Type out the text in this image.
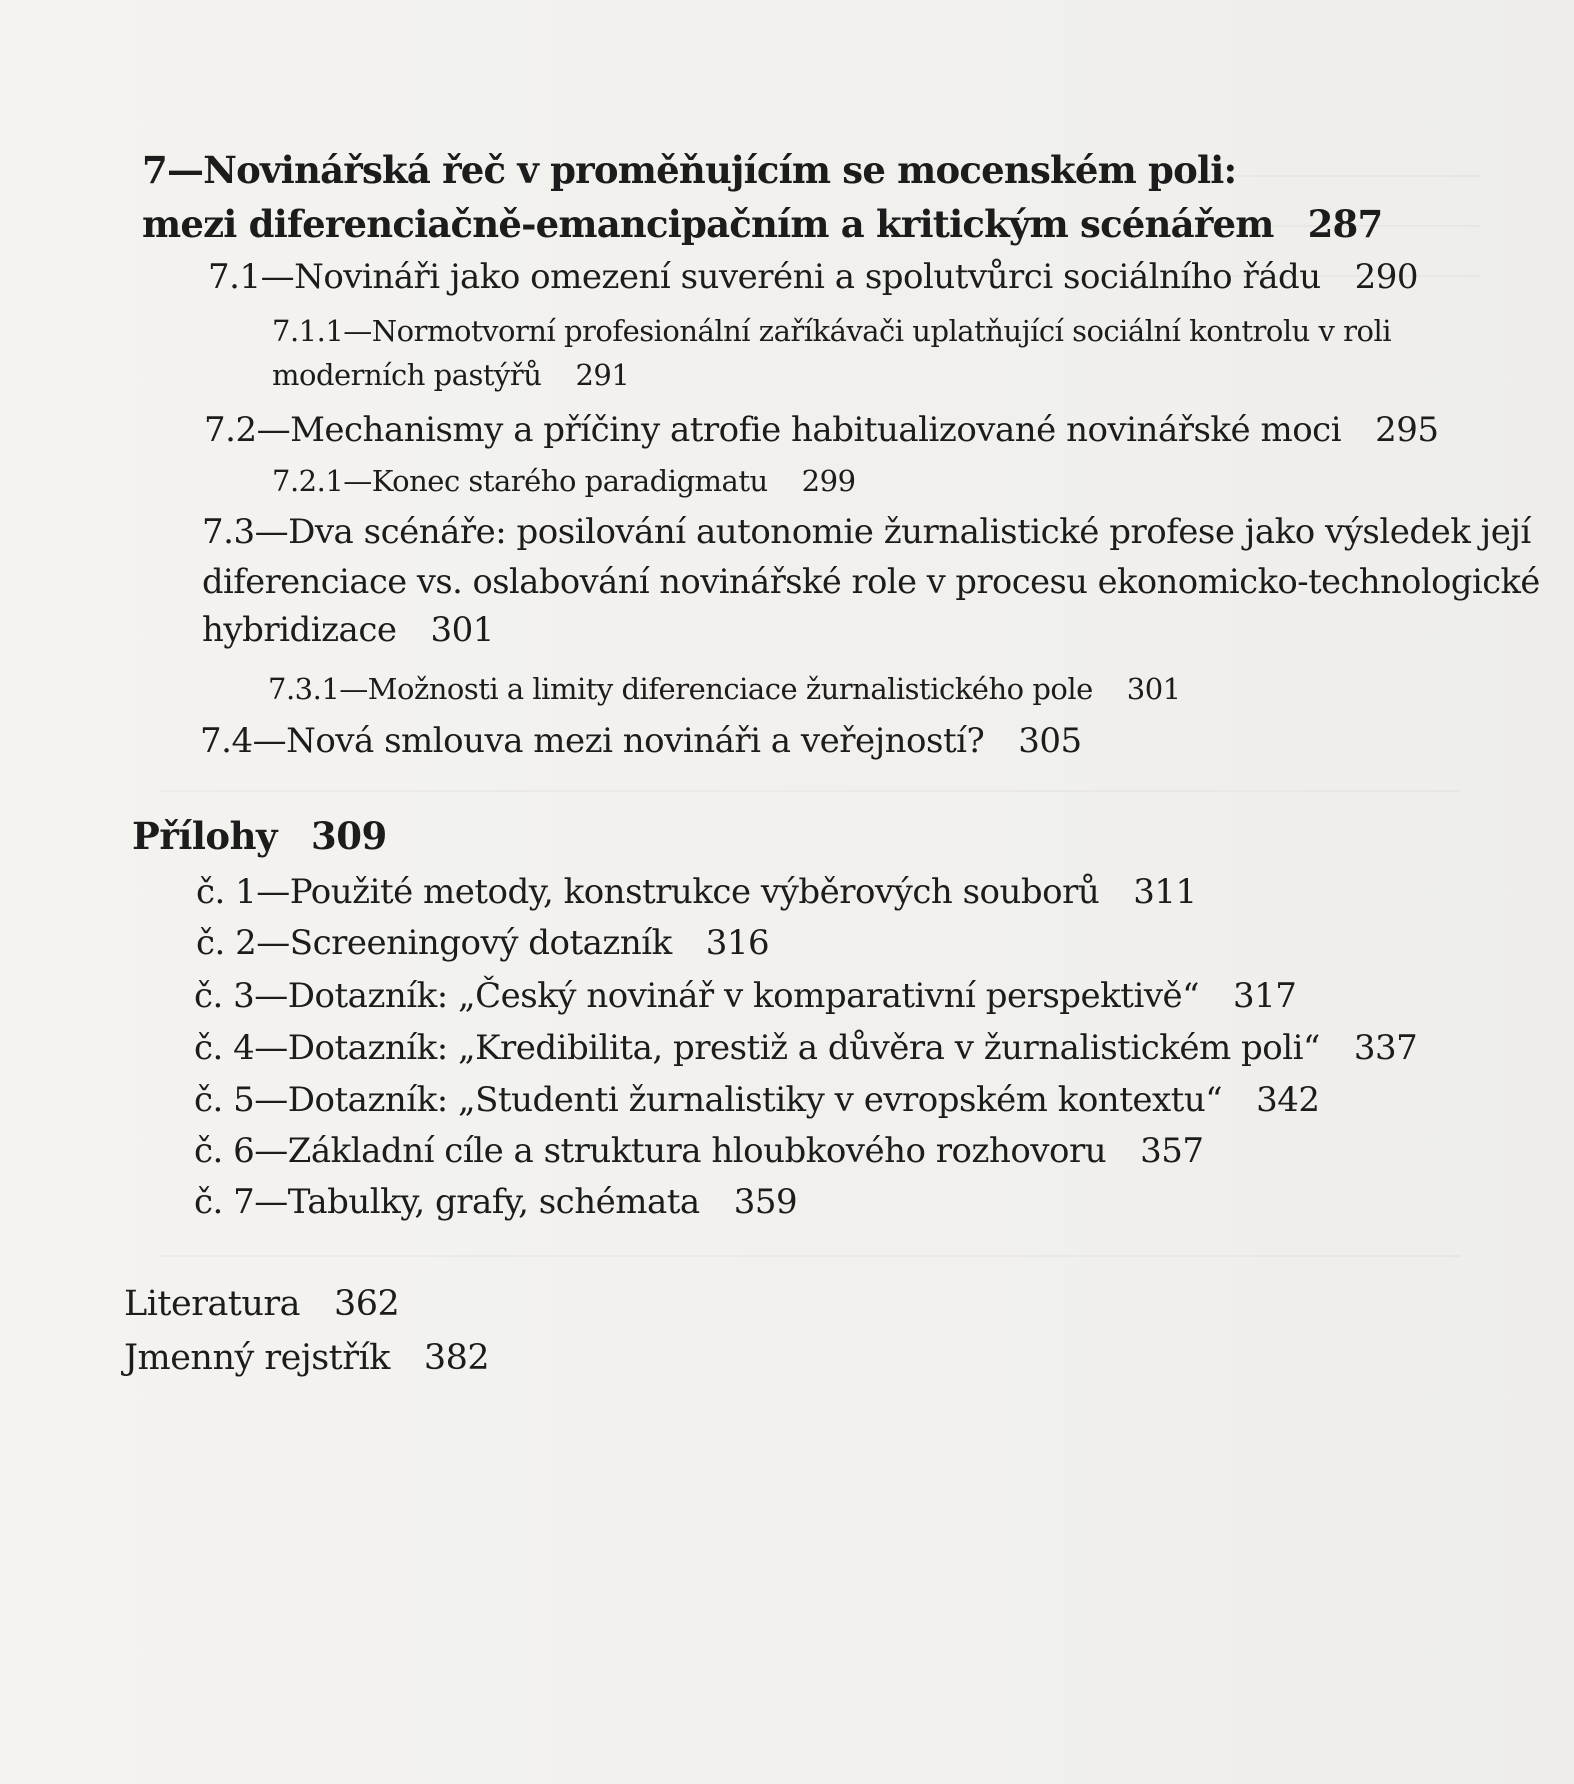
7—Novinářská řeč v proměňujícím se mocenském poli:
mezi diferenciačně-emancipačním a kritickým scénářem 287
7.1—Novináři jako omezení suveréni a spolutvůrci sociálního řádu 290
7.1.1—Normotvorní profesionální zaříkávači uplatňující sociální kontrolu v roli
moderních pastýřů 291
7.2—Mechanismy a příčiny atrofie habitualizované novinářské moci 295
7.2.1—Konec starého paradigmatu 299
7.3—Dva scénáře: posilování autonomie žurnalistické profese jako výsledek její
diferenciace vs. oslabování novinářské role v procesu ekonomicko-technologické
hybridizace 301
7.3.1—Možnosti a limity diferenciace žurnalistického pole 301
7.4—Nová smlouva mezi novináři a veřejností? 305
Přílohy 309
č. 1—Použité metody, konstrukce výběrových souborů 311
č. 2—Screeningový dotazník 316
č. 3—Dotazník: „Český novinář v komparativní perspektivě“ 317
č. 4—Dotazník: „Kredibilita, prestiž a důvěra v žurnalistickém poli“ 337
č. 5—Dotazník: „Studenti žurnalistiky v evropském kontextu“ 342
č. 6—Základní cíle a struktura hloubkového rozhovoru 357
č. 7—Tabulky, grafy, schémata 359
Literatura 362
Jmenný rejstřík 382
